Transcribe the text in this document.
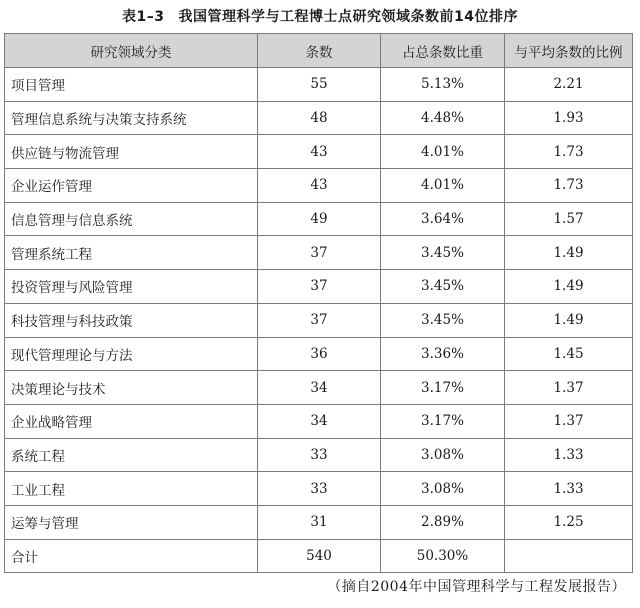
表1–3 我国管理科学与工程博士点研究领域条数前14位排序
研究领域分类	条数	占总条数比重	与平均条数的比例
项目管理	55	5.13%	2.21
管理信息系统与决策支持系统	48	4.48%	1.93
供应链与物流管理	43	4.01%	1.73
企业运作管理	43	4.01%	1.73
信息管理与信息系统	49	3.64%	1.57
管理系统工程	37	3.45%	1.49
投资管理与风险管理	37	3.45%	1.49
科技管理与科技政策	37	3.45%	1.49
现代管理理论与方法	36	3.36%	1.45
决策理论与技术	34	3.17%	1.37
企业战略管理	34	3.17%	1.37
系统工程	33	3.08%	1.33
工业工程	33	3.08%	1.33
运筹与管理	31	2.89%	1.25
合计	540	50.30%	
（摘自2004年中国管理科学与工程发展报告）
